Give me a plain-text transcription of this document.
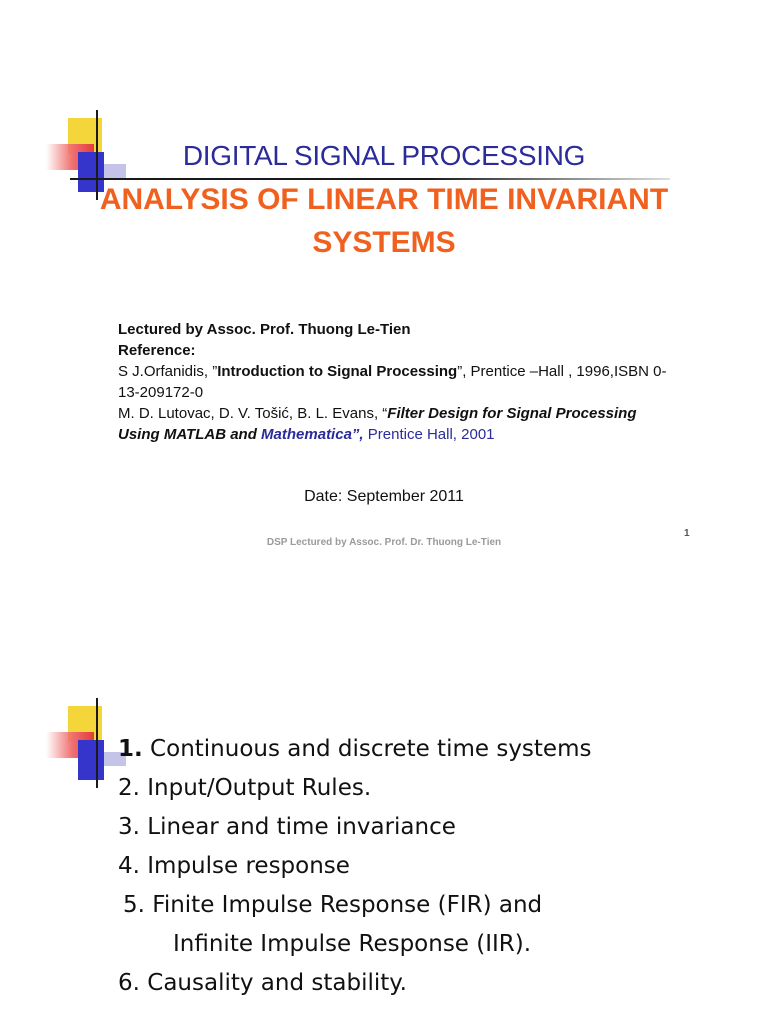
DIGITAL SIGNAL PROCESSING
ANALYSIS OF LINEAR TIME INVARIANT SYSTEMS
Lectured by Assoc. Prof. Thuong Le-Tien
Reference:
S J.Orfanidis, ”Introduction to Signal Processing”, Prentice –Hall , 1996,ISBN 0-13-209172-0
M. D. Lutovac, D. V. Tošić, B. L. Evans, “Filter Design for Signal Processing Using MATLAB and Mathematica”, Prentice Hall, 2001
Date: September 2011
DSP Lectured by Assoc. Prof. Dr. Thuong Le-Tien
1
1. Continuous and discrete time systems
2. Input/Output Rules.
3. Linear and time invariance
4. Impulse response
5. Finite Impulse Response (FIR) and
Infinite Impulse Response (IIR).
6. Causality and stability.
